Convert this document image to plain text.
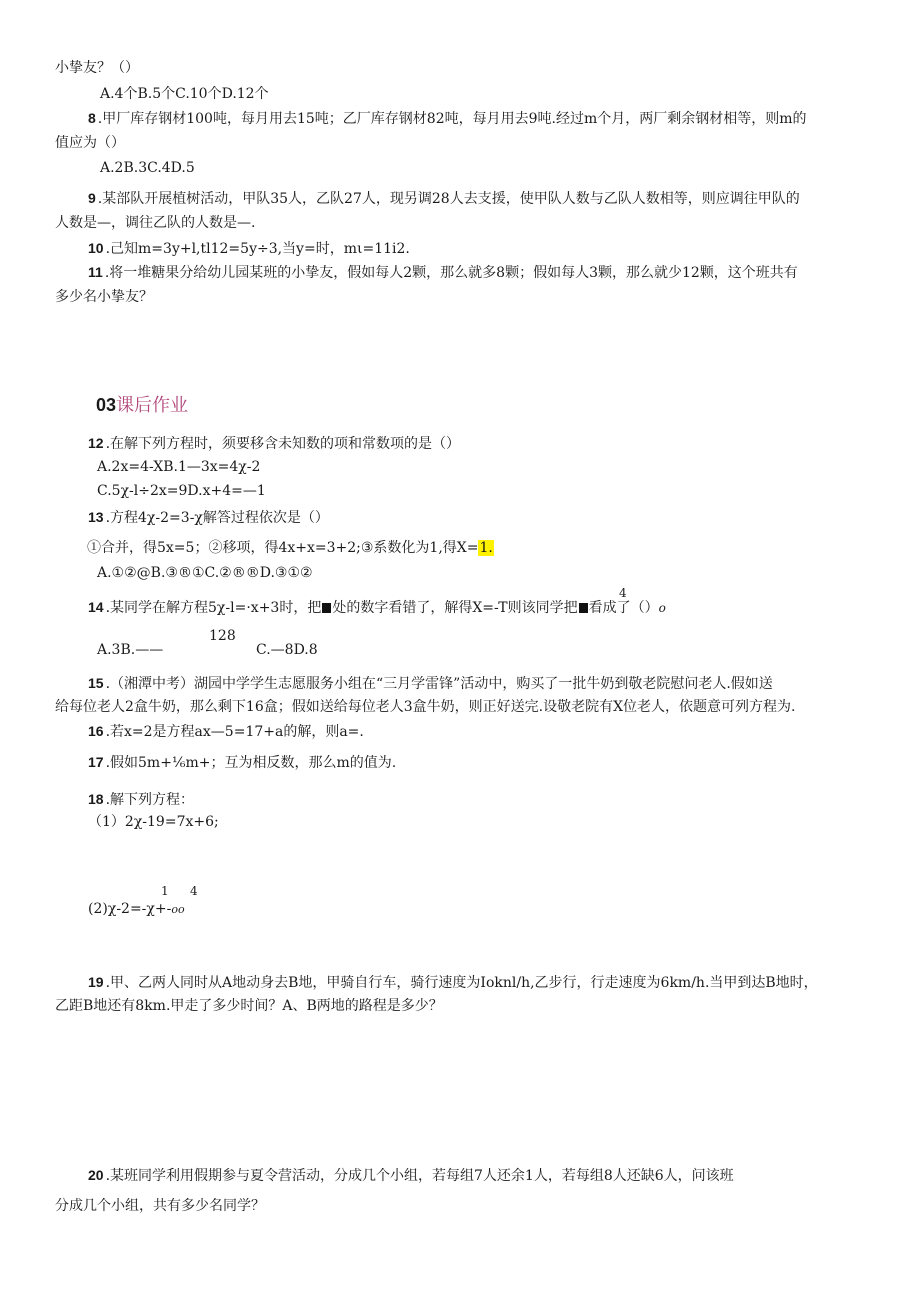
小挚友？（）
A.4个B.5个C.10个D.12个
8 .甲厂库存钢材100吨，每月用去15吨；乙厂库存钢材82吨，每月用去9吨.经过m个月，两厂剩余钢材相等，则m的
值应为（）
A.2B.3C.4D.5
9 .某部队开展植树活动，甲队35人，乙队27人，现另调28人去支援，使甲队人数与乙队人数相等，则应调往甲队的
人数是—，调往乙队的人数是—.
10 .己知m=3y+l,tl12=5y÷3,当y=时，mι=11i2.
11 .将一堆糖果分给幼儿园某班的小挚友，假如每人2颗，那么就多8颗；假如每人3颗，那么就少12颗，这个班共有
多少名小挚友？
03课后作业
12 .在解下列方程时，须要移含未知数的项和常数项的是（）
A.2x=4-XB.1—3x=4χ-2
C.5χ-l÷2x=9D.x+4=—1
13 .方程4χ-2=3-χ解答过程依次是（）
①合并，得5x=5；②移项，得4x+x=3+2;③系数化为1,得X=1.
A.①②@B.③®①C.②®®D.③①②
4
14 .某同学在解方程5χ-l=·x+3时，把 处的数字看错了，解得X=-T则该同学把 看成了（）o
128
A.3B.——	C.—8D.8
15 .（湘潭中考）湖园中学学生志愿服务小组在“三月学雷锋”活动中，购买了一批牛奶到敬老院慰问老人.假如送
给每位老人2盒牛奶，那么剩下16盒；假如送给每位老人3盒牛奶，则正好送完.设敬老院有X位老人，依题意可列方程为.
16 .若x=2是方程ax—5=17+a的解，则a=.
17 .假如5m+⅟₆m+；互为相反数，那么m的值为.
18 .解下列方程：
（1）2χ-19=7x+6;
1 4
(2)χ-2=-χ+-oo
19 .甲、乙两人同时从A地动身去B地，甲骑自行车，骑行速度为Ioknl/h,乙步行，行走速度为6km/h.当甲到达B地时，
乙距B地还有8km.甲走了多少时间？A、B两地的路程是多少？
20 .某班同学利用假期参与夏令营活动，分成几个小组，若每组7人还余1人，若每组8人还缺6人，问该班
分成几个小组，共有多少名同学？
